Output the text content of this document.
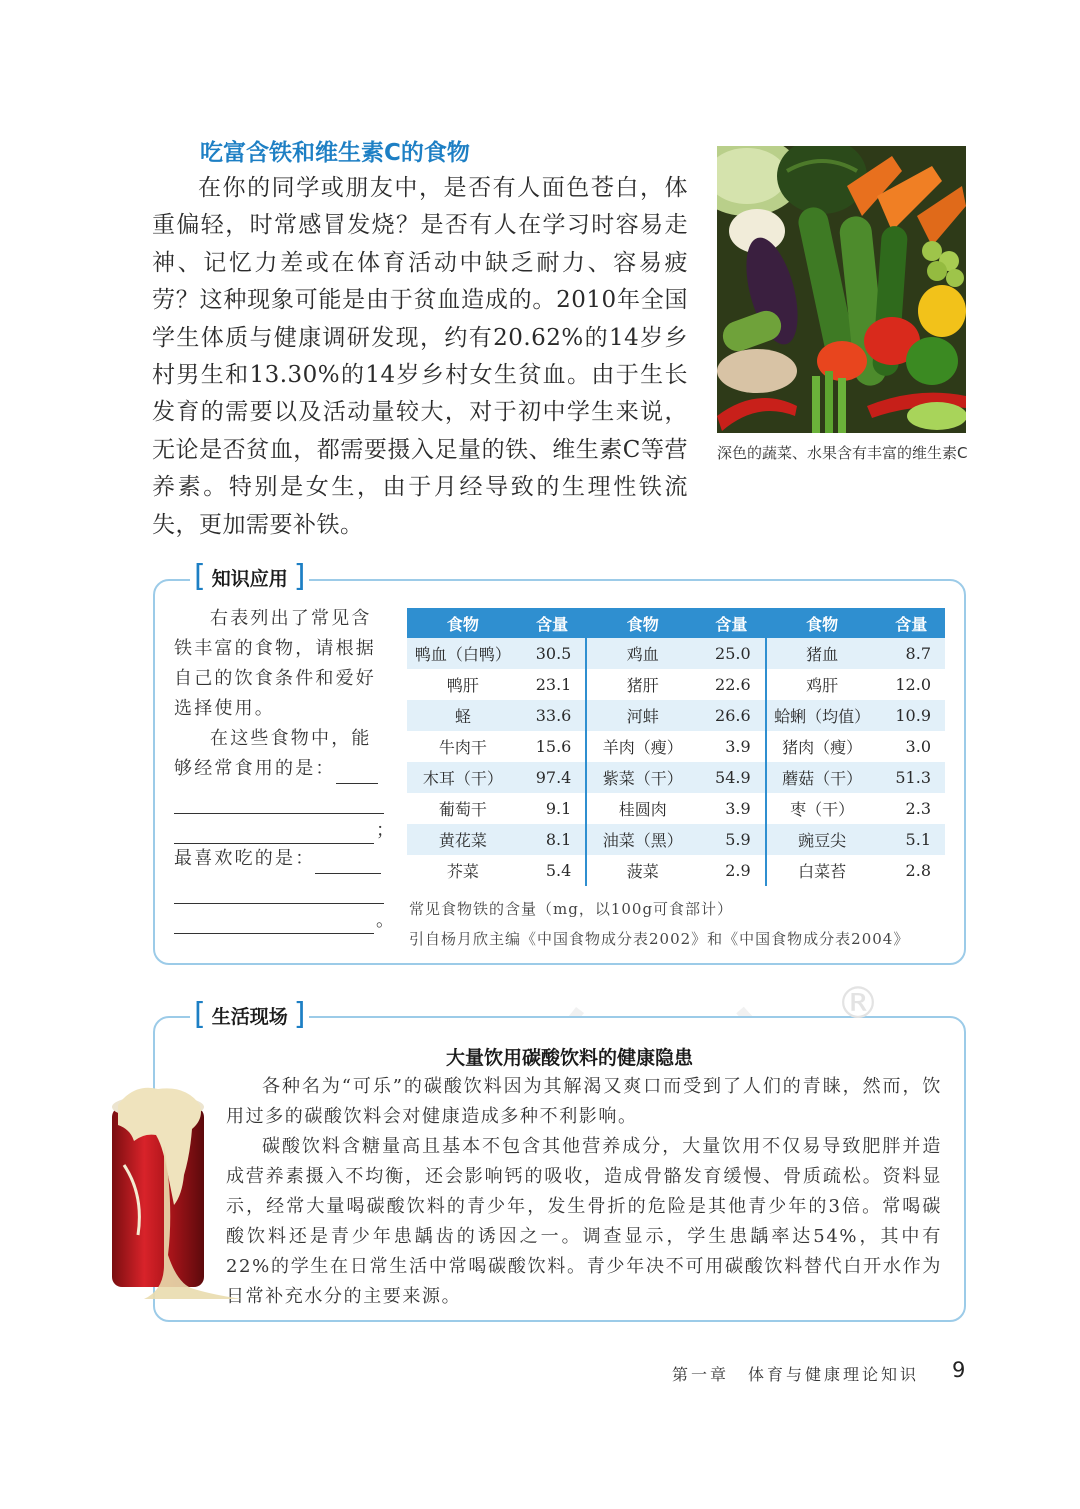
吃富含铁和维生素C的食物
在你的同学或朋友中，是否有人面色苍白，体重偏轻，时常感冒发烧？是否有人在学习时容易走神、记忆力差或在体育活动中缺乏耐力、容易疲劳？这种现象可能是由于贫血造成的。2010年全国学生体质与健康调研发现，约有20.62%的14岁乡村男生和13.30%的14岁乡村女生贫血。由于生长发育的需要以及活动量较大，对于初中学生来说，无论是否贫血，都需要摄入足量的铁、维生素C等营养素。特别是女生，由于月经导致的生理性铁流失，更加需要补铁。
深色的蔬菜、水果含有丰富的维生素C
[ 知识应用 ]

右表列出了常见含铁丰富的食物，请根据自己的饮食条件和爱好选择使用。

在这些食物中，能够经常食用的是：

；

最喜欢吃的是：

。
食物	含量	食物	含量	食物	含量
鸭血（白鸭）	30.5	鸡血	25.0	猪血	8.7
鸭肝	23.1	猪肝	22.6	鸡肝	12.0
蛏	33.6	河蚌	26.6	蛤蜊（均值）	10.9
牛肉干	15.6	羊肉（瘦）	3.9	猪肉（瘦）	3.0
木耳（干）	97.4	紫菜（干）	54.9	蘑菇（干）	51.3
葡萄干	9.1	桂圆肉	3.9	枣（干）	2.3
黄花菜	8.1	油菜（黑）	5.9	豌豆尖	5.1
芥菜	5.4	菠菜	2.9	白菜苔	2.8
常见食物铁的含量（mg，以100g可食部计）
引自杨月欣主编《中国食物成分表2002》和《中国食物成分表2004》
[ 生活现场 ]	®
大量饮用碳酸饮料的健康隐患

各种名为“可乐”的碳酸饮料因为其解渴又爽口而受到了人们的青睐，然而，饮用过多的碳酸饮料会对健康造成多种不利影响。

碳酸饮料含糖量高且基本不包含其他营养成分，大量饮用不仅易导致肥胖并造成营养素摄入不均衡，还会影响钙的吸收，造成骨骼发育缓慢、骨质疏松。资料显示，经常大量喝碳酸饮料的青少年，发生骨折的危险是其他青少年的3倍。常喝碳酸饮料还是青少年患龋齿的诱因之一。调查显示，学生患龋率达54%，其中有22%的学生在日常生活中常喝碳酸饮料。青少年决不可用碳酸饮料替代白开水作为日常补充水分的主要来源。

第一章　体育与健康理论知识 9
